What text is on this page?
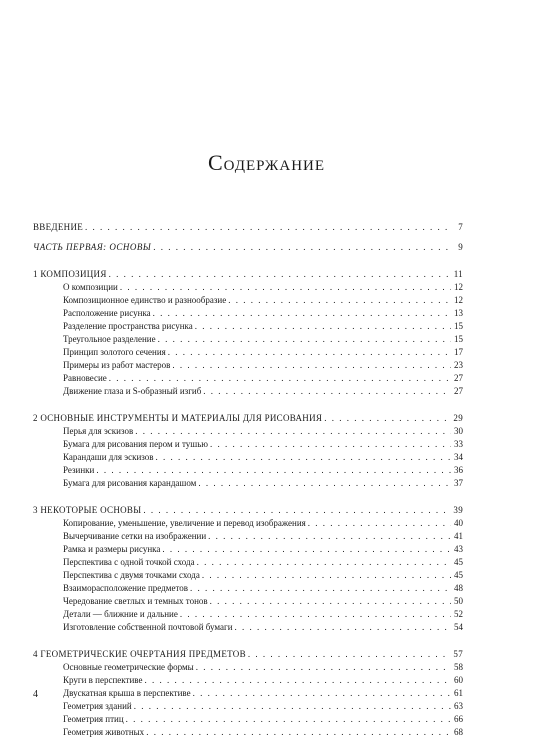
Содержание
ВВЕДЕНИЕ . . .	7
ЧАСТЬ ПЕРВАЯ: ОСНОВЫ . . .	9
1 КОМПОЗИЦИЯ . . .	11
О композиции . . .	12
Композиционное единство и разнообразие . . .	12
Расположение рисунка . . .	13
Разделение пространства рисунка . . .	15
Треугольное разделение . . .	15
Принцип золотого сечения . . .	17
Примеры из работ мастеров . . .	23
Равновесие . . .	27
Движение глаза и S-образный изгиб . . .	27
2 ОСНОВНЫЕ ИНСТРУМЕНТЫ И МАТЕРИАЛЫ ДЛЯ РИСОВАНИЯ . . .	29
Перья для эскизов . . .	30
Бумага для рисования пером и тушью . . .	33
Карандаши для эскизов . . .	34
Резинки . . .	36
Бумага для рисования карандашом . . .	37
3 НЕКОТОРЫЕ ОСНОВЫ . . .	39
Копирование, уменьшение, увеличение и перевод изображения . . .	40
Вычерчивание сетки на изображении . . .	41
Рамка и размеры рисунка . . .	43
Перспектива с одной точкой схода . . .	45
Перспектива с двумя точками схода . . .	45
Взаиморасположение предметов . . .	48
Чередование светлых и темных тонов . . .	50
Детали — ближние и дальние . . .	52
Изготовление собственной почтовой бумаги . . .	54
4 ГЕОМЕТРИЧЕСКИЕ ОЧЕРТАНИЯ ПРЕДМЕТОВ . . .	57
Основные геометрические формы . . .	58
Круги в перспективе . . .	60
Двускатная крыша в перспективе . . .	61
Геометрия зданий . . .	63
Геометрия птиц . . .	66
Геометрия животных . . .	68
4
